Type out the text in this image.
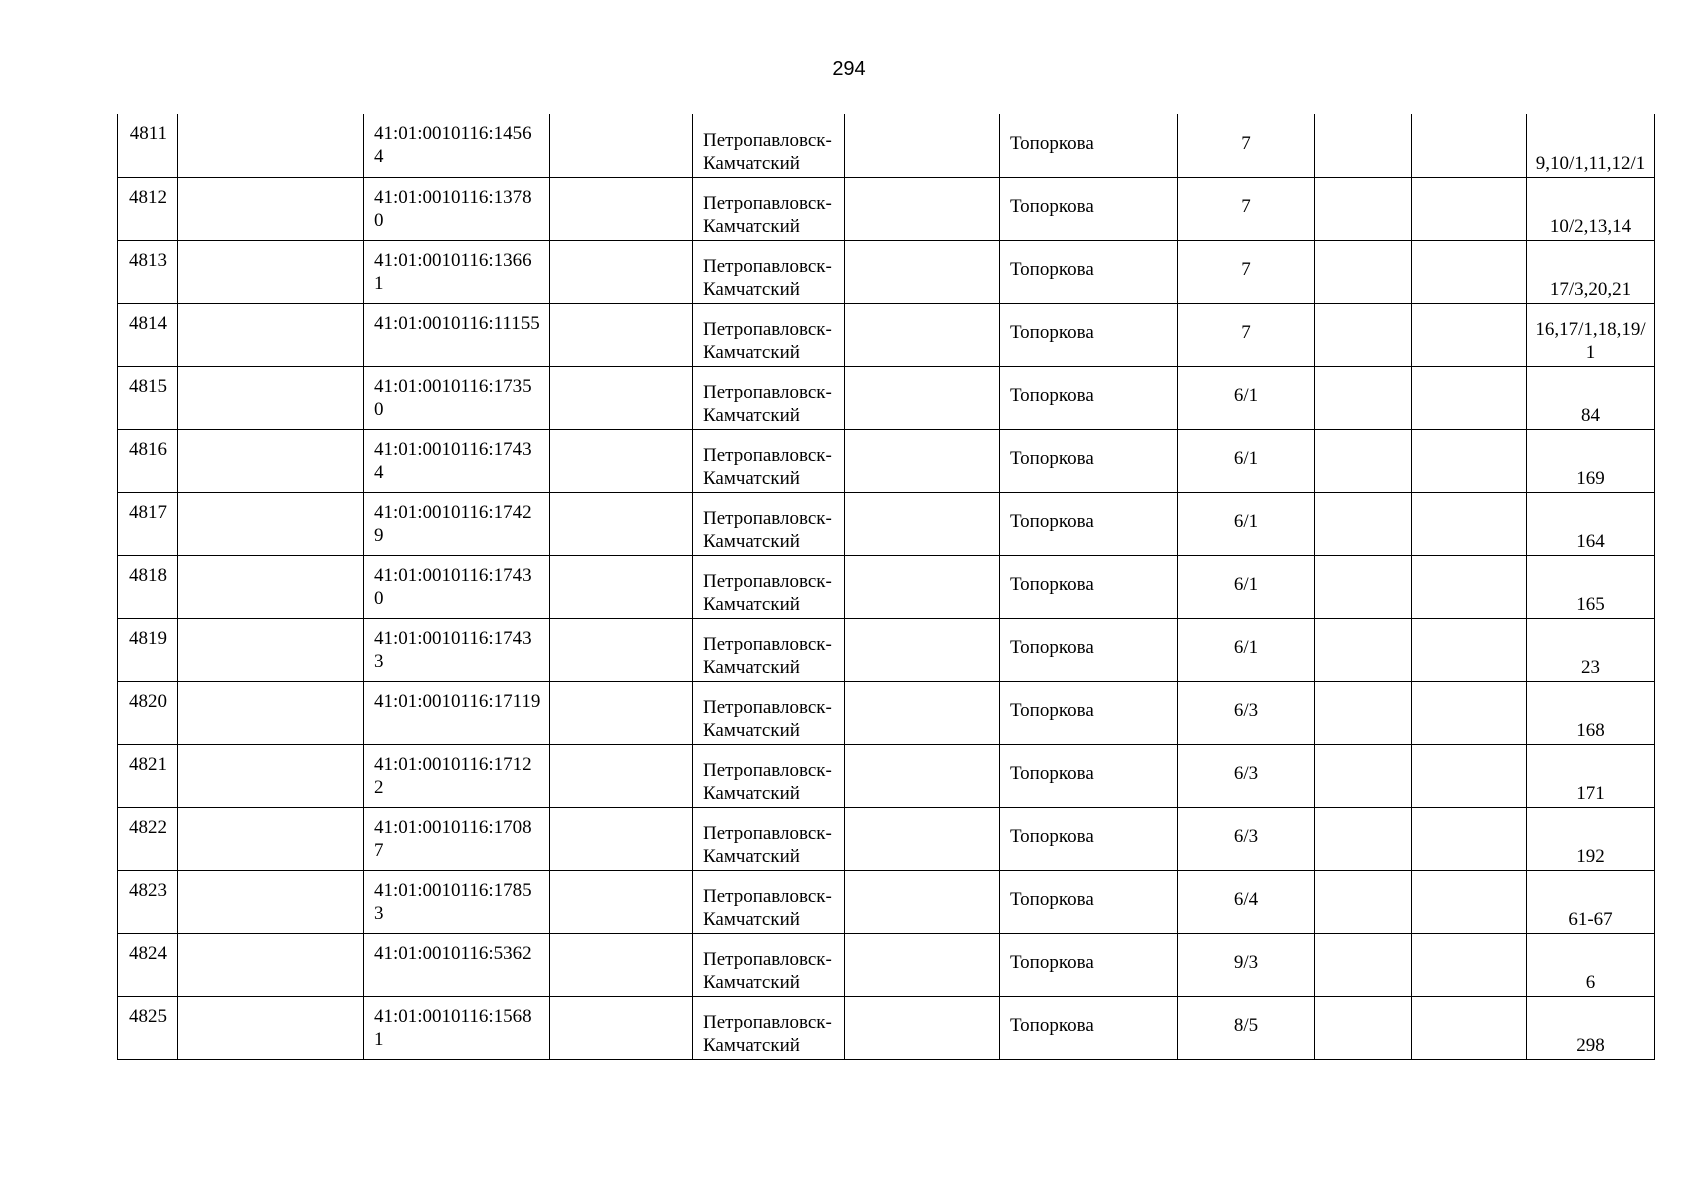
294
4811		41:01:0010116:14564		Петропавловск-Камчатский		Топоркова	7			9,10/1,11,12/1
4812		41:01:0010116:13780		Петропавловск-Камчатский		Топоркова	7			10/2,13,14
4813		41:01:0010116:13661		Петропавловск-Камчатский		Топоркова	7			17/3,20,21
4814		41:01:0010116:11155		Петропавловск-Камчатский		Топоркова	7			16,17/1,18,19/1
4815		41:01:0010116:17350		Петропавловск-Камчатский		Топоркова	6/1			84
4816		41:01:0010116:17434		Петропавловск-Камчатский		Топоркова	6/1			169
4817		41:01:0010116:17429		Петропавловск-Камчатский		Топоркова	6/1			164
4818		41:01:0010116:17430		Петропавловск-Камчатский		Топоркова	6/1			165
4819		41:01:0010116:17433		Петропавловск-Камчатский		Топоркова	6/1			23
4820		41:01:0010116:17119		Петропавловск-Камчатский		Топоркова	6/3			168
4821		41:01:0010116:17122		Петропавловск-Камчатский		Топоркова	6/3			171
4822		41:01:0010116:17087		Петропавловск-Камчатский		Топоркова	6/3			192
4823		41:01:0010116:17853		Петропавловск-Камчатский		Топоркова	6/4			61-67
4824		41:01:0010116:5362		Петропавловск-Камчатский		Топоркова	9/3			6
4825		41:01:0010116:15681		Петропавловск-Камчатский		Топоркова	8/5			298
